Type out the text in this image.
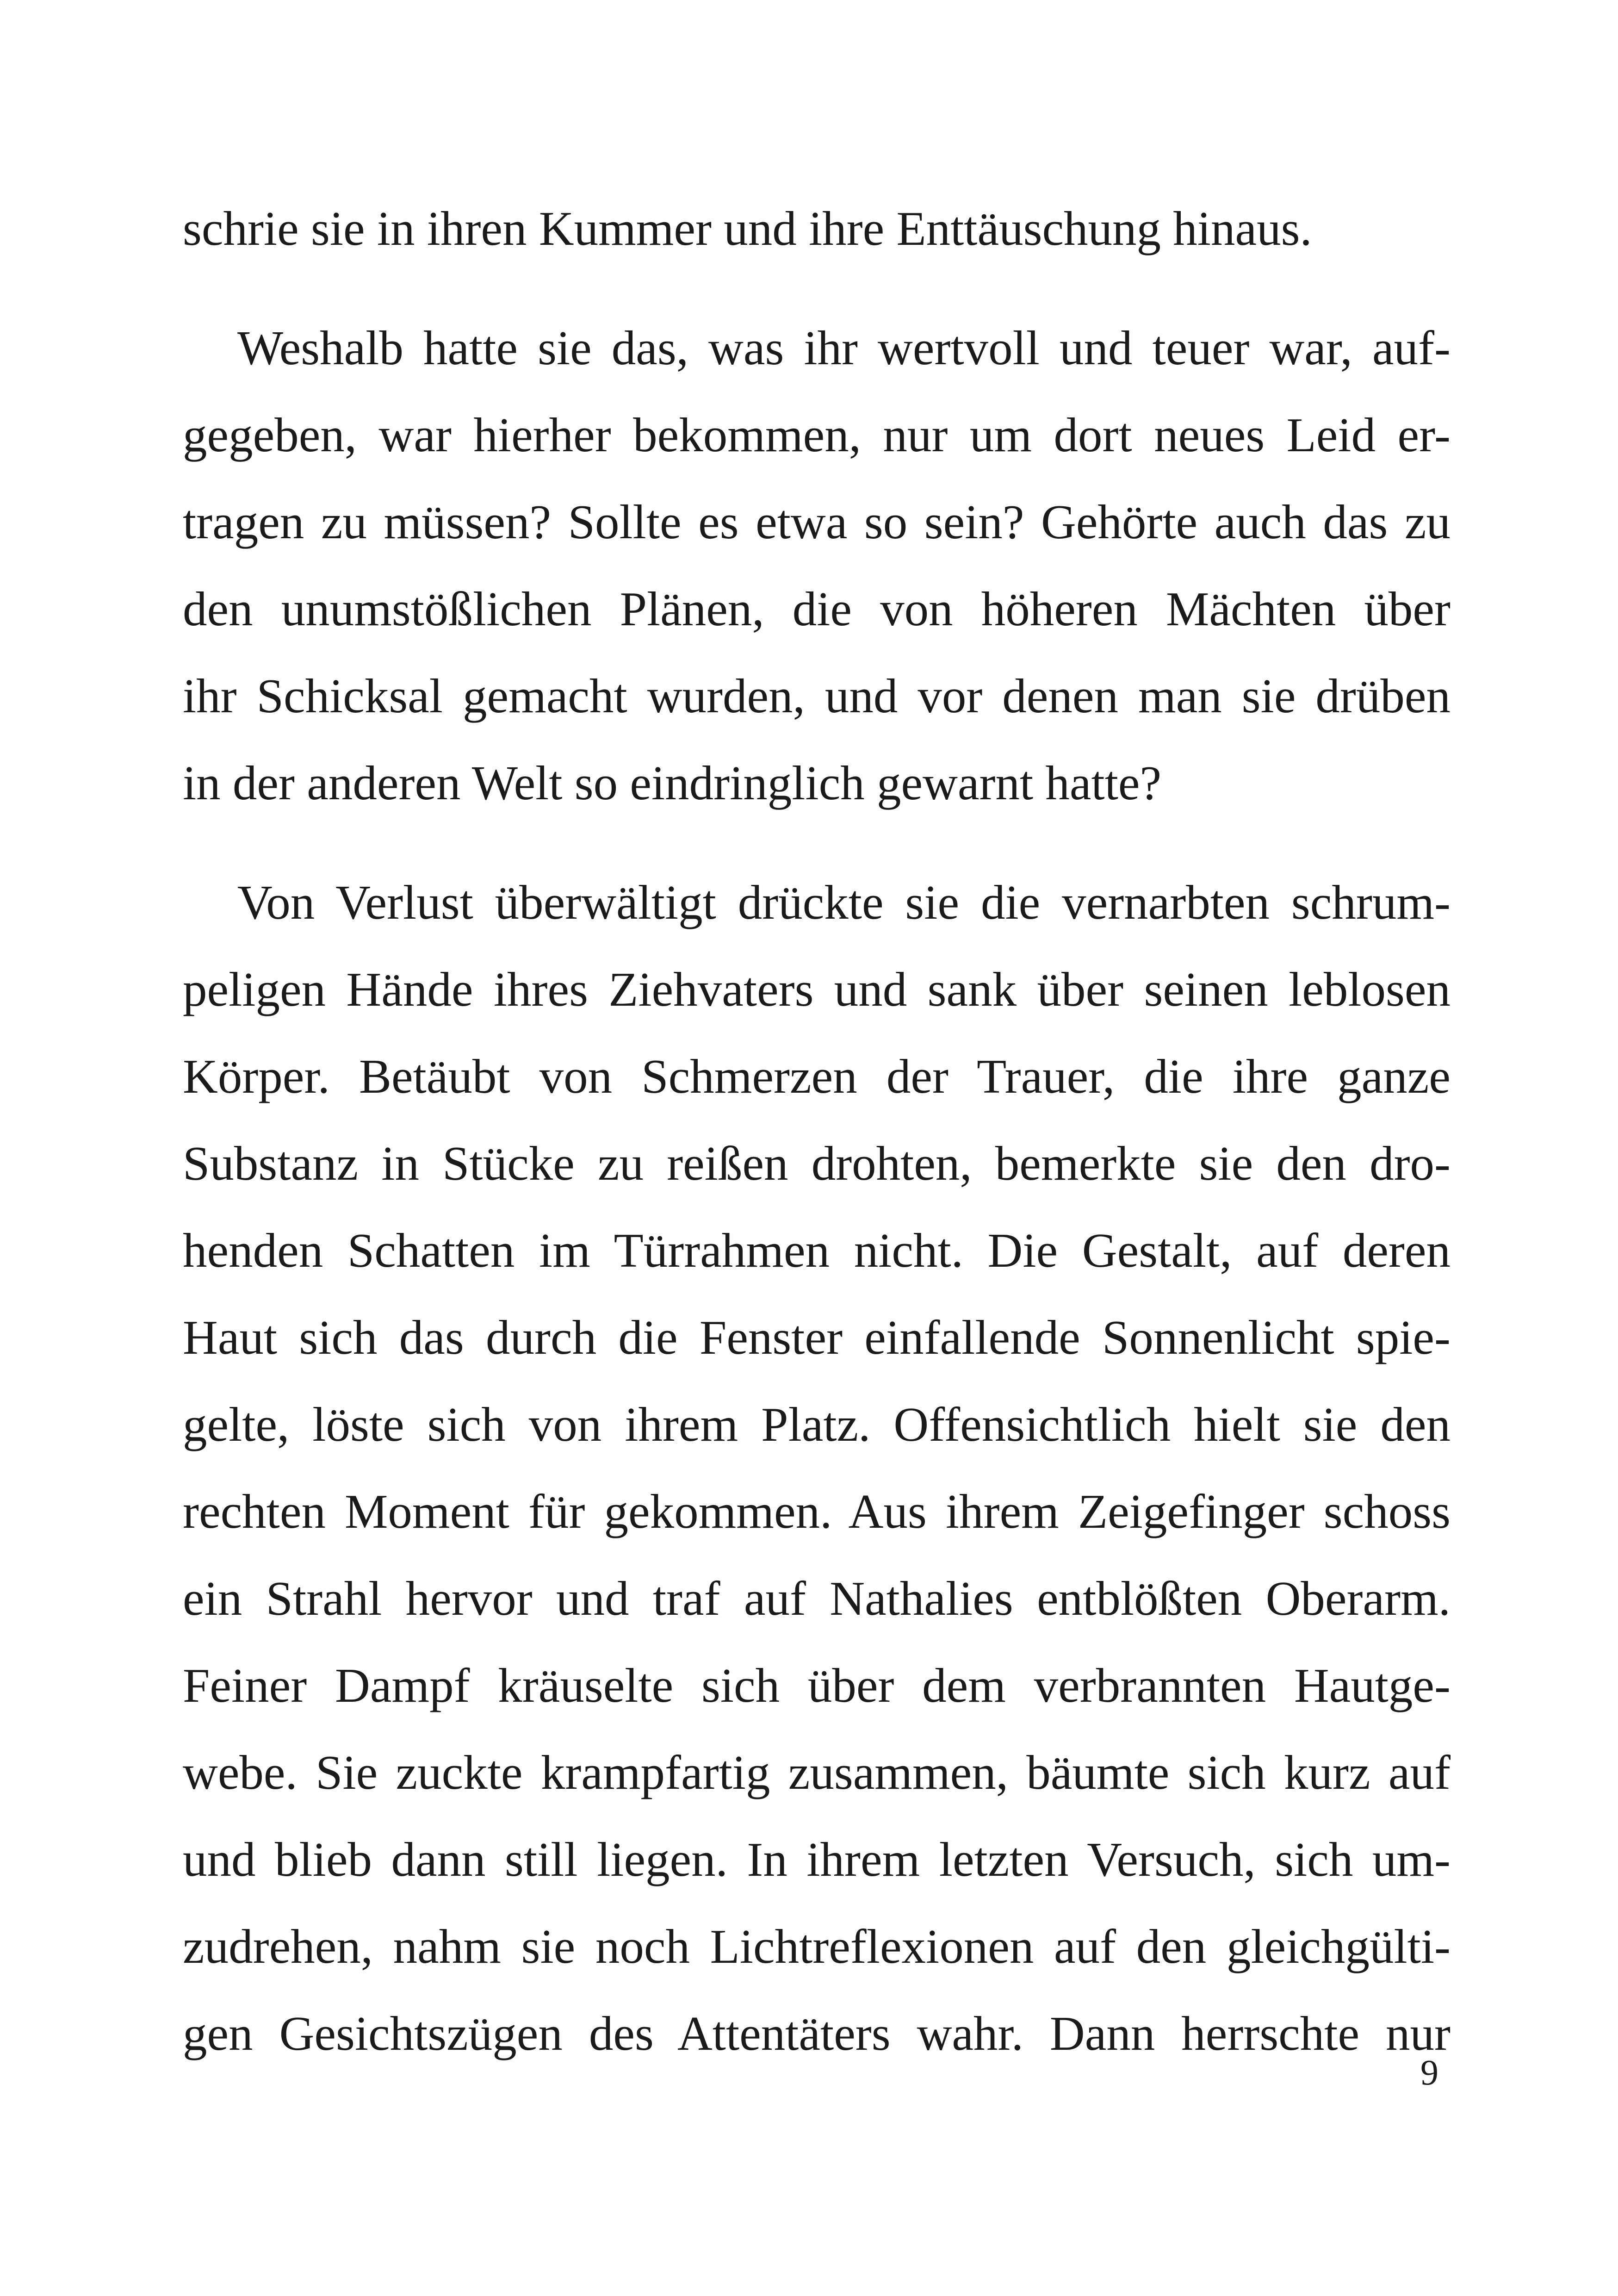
schrie sie in ihren Kummer und ihre Enttäuschung hinaus.
Weshalb hatte sie das, was ihr wertvoll und teuer war, auf-
gegeben, war hierher bekommen, nur um dort neues Leid er-
tragen zu müssen? Sollte es etwa so sein? Gehörte auch das zu
den unumstößlichen Plänen, die von höheren Mächten über
ihr Schicksal gemacht wurden, und vor denen man sie drüben
in der anderen Welt so eindringlich gewarnt hatte?
Von Verlust überwältigt drückte sie die vernarbten schrum-
peligen Hände ihres Ziehvaters und sank über seinen leblosen
Körper. Betäubt von Schmerzen der Trauer, die ihre ganze
Substanz in Stücke zu reißen drohten, bemerkte sie den dro-
henden Schatten im Türrahmen nicht. Die Gestalt, auf deren
Haut sich das durch die Fenster einfallende Sonnenlicht spie-
gelte, löste sich von ihrem Platz. Offensichtlich hielt sie den
rechten Moment für gekommen. Aus ihrem Zeigefinger schoss
ein Strahl hervor und traf auf Nathalies entblößten Oberarm.
Feiner Dampf kräuselte sich über dem verbrannten Hautge-
webe. Sie zuckte krampfartig zusammen, bäumte sich kurz auf
und blieb dann still liegen. In ihrem letzten Versuch, sich um-
zudrehen, nahm sie noch Lichtreflexionen auf den gleichgülti-
gen Gesichtszügen des Attentäters wahr. Dann herrschte nur
9
